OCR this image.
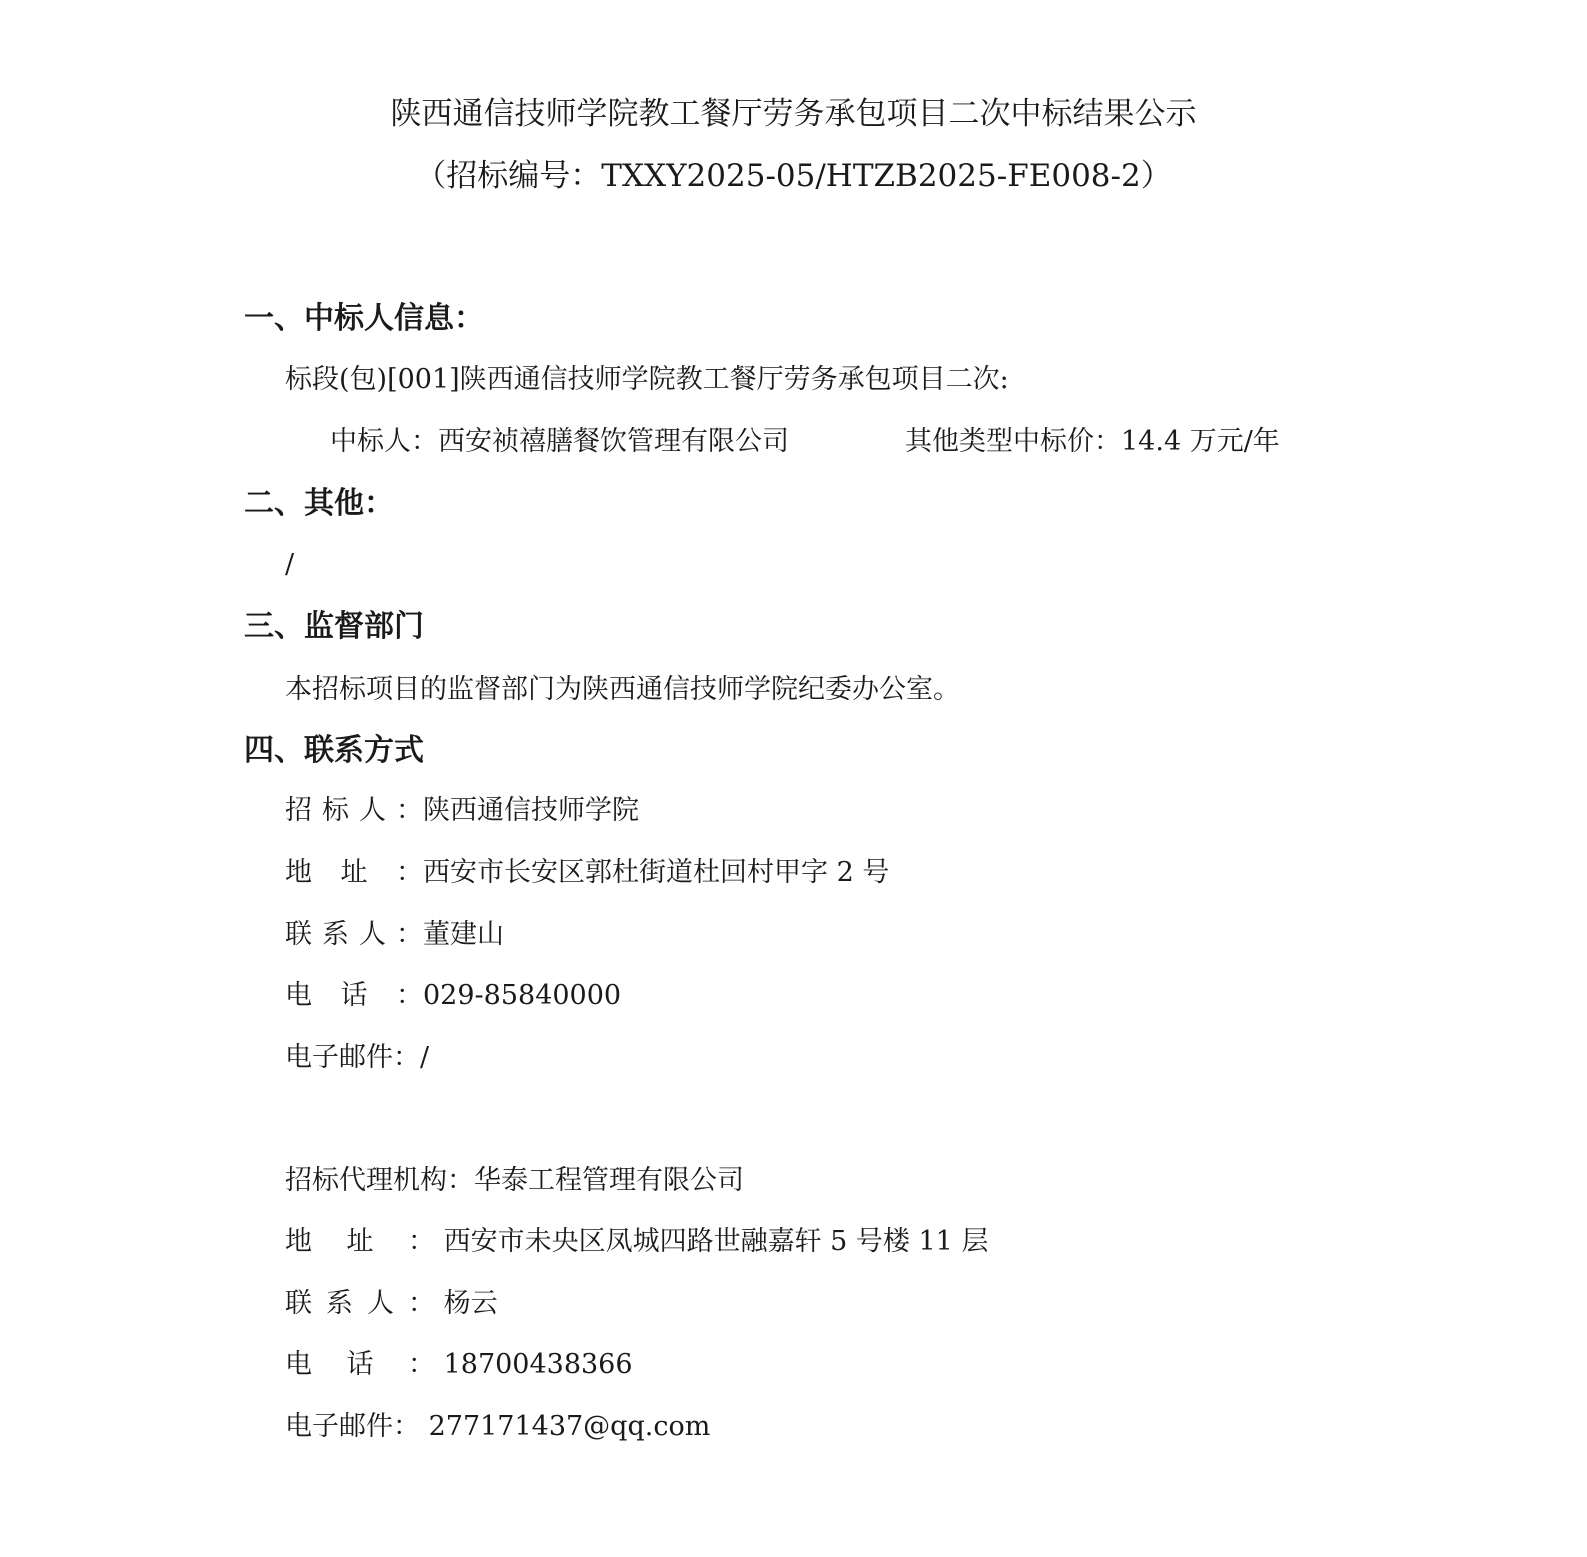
陕西通信技师学院教工餐厅劳务承包项目二次中标结果公示
（招标编号：TXXY2025-05/HTZB2025-FE008-2）
一、中标人信息：
标段(包)[001]陕西通信技师学院教工餐厅劳务承包项目二次:
中标人：西安祯禧膳餐饮管理有限公司	其他类型中标价：14.4 万元/年
二、其他：
/
三、监督部门
本招标项目的监督部门为陕西通信技师学院纪委办公室。
四、联系方式
招标人：陕西通信技师学院
地址：西安市长安区郭杜街道杜回村甲字 2 号
联系人：董建山
电话：029-85840000
电子邮件：/
招标代理机构：华泰工程管理有限公司
地址： 西安市未央区凤城四路世融嘉轩 5 号楼 11 层
联系人： 杨云
电话： 18700438366
电子邮件： 277171437@qq.com
